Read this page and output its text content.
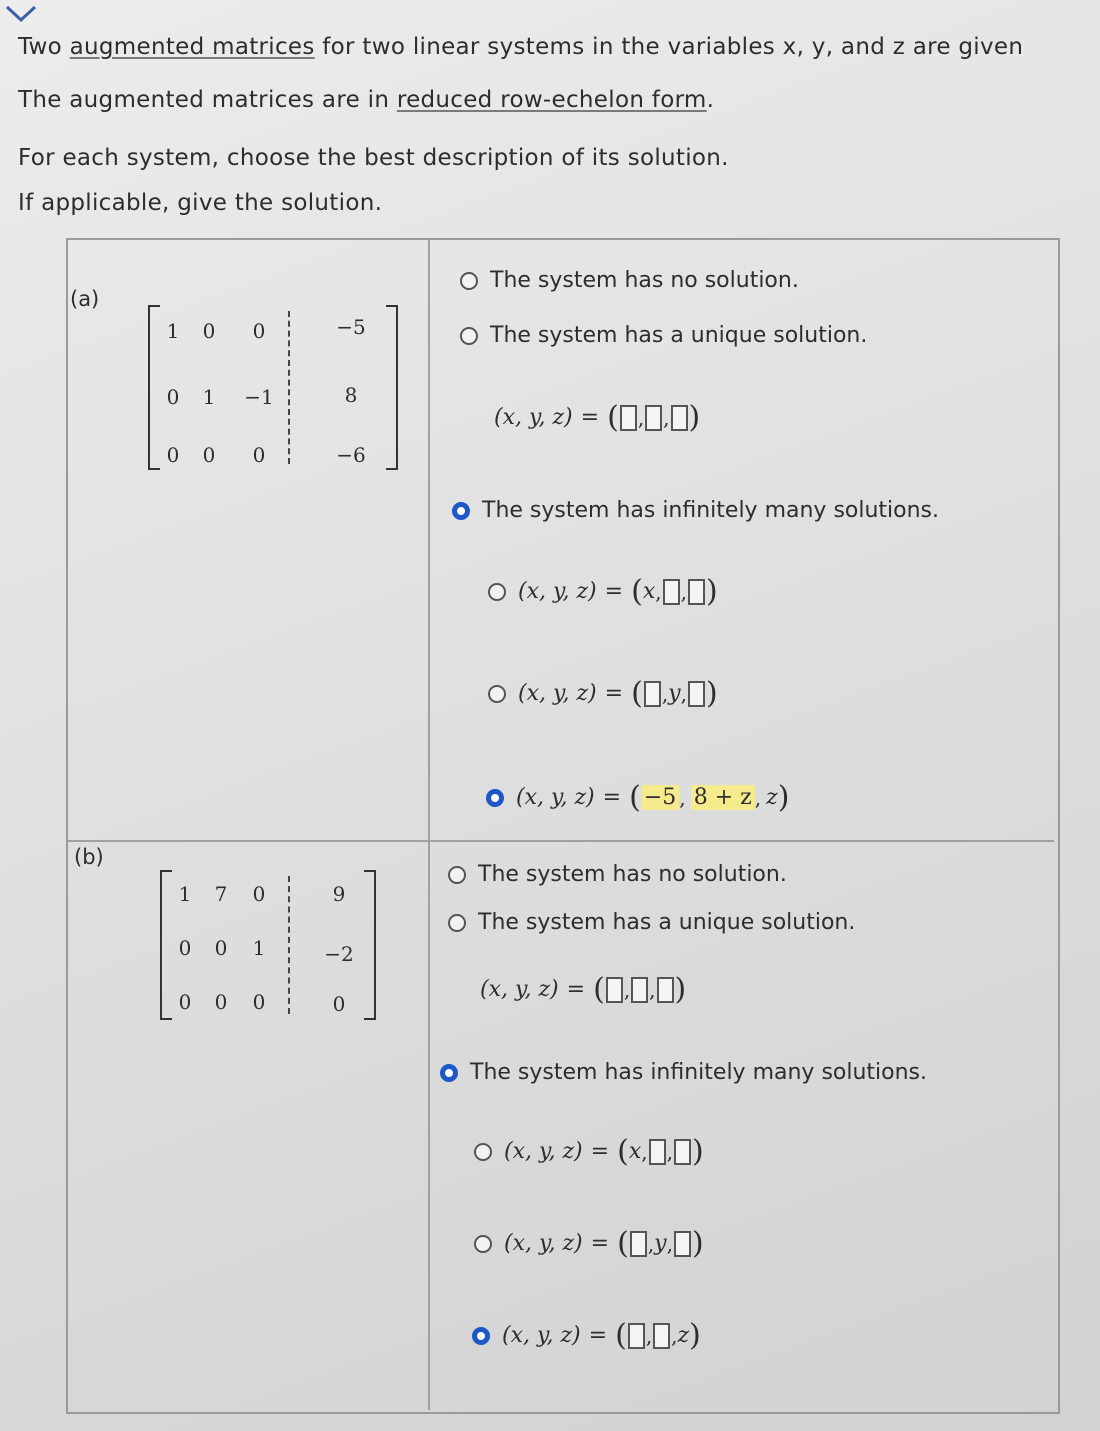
Two augmented matrices for two linear systems in the variables x, y, and z are given
The augmented matrices are in reduced row-echelon form.
For each system, choose the best description of its solution.
If applicable, give the solution.
(a)
1	0	0	−5
0	1	−1	8
0	0	0	−6
The system has no solution.
The system has a unique solution.
(x, y, z) = ( , , )
The system has infinitely many solutions.
(x, y, z) = ( x , , )
(x, y, z) = ( , y , )
(x, y, z) = ( −5 ,
8 + z ,
z )
(b)
1	7	0	9
0	0	1	−2
0	0	0	0
The system has no solution.
The system has a unique solution.
(x, y, z) = ( , , )
The system has infinitely many solutions.
(x, y, z) = ( x , , )
(x, y, z) = ( , y , )
(x, y, z) = ( , , z )
